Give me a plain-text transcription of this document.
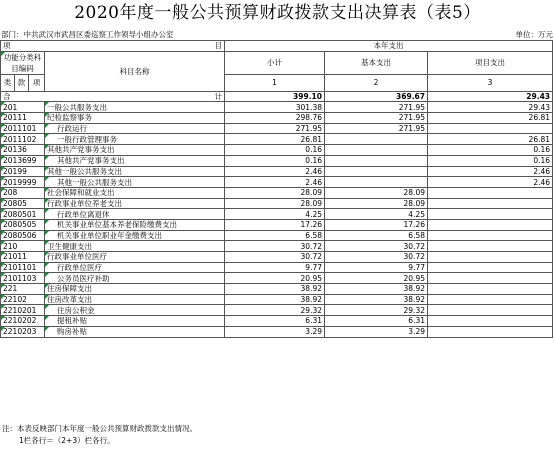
2020年度一般公共预算财政拨款支出决算表（表5）
部门：中共武汉市武昌区委巡察工作领导小组办公室	单位：万元
项 目				本年支出		
功能分类科目编码			科目名称	小计	基本支出	项目支出
类	款	项				
				1	2	3

合 计				399.10	369.67	29.43
201			一般公共服务支出	301.38	271.95	29.43
20111			纪检监察事务	298.76	271.95	26.81
2011101			行政运行	271.95	271.95	
2011102			一般行政管理事务	26.81		26.81
20136			其他共产党事务支出	0.16		0.16
2013699			其他共产党事务支出	0.16		0.16
20199			其他一般公共服务支出	2.46		2.46
2019999			其他一般公共服务支出	2.46		2.46
208			社会保障和就业支出	28.09	28.09	
20805			行政事业单位养老支出	28.09	28.09	
2080501			行政单位离退休	4.25	4.25	
2080505			机关事业单位基本养老保险缴费支出	17.26	17.26	
2080506			机关事业单位职业年金缴费支出	6.58	6.58	
210			卫生健康支出	30.72	30.72	
21011			行政事业单位医疗	30.72	30.72	
2101101			行政单位医疗	9.77	9.77	
2101103			公务员医疗补助	20.95	20.95	
221			住房保障支出	38.92	38.92	
22102			住房改革支出	38.92	38.92	
2210201			住房公积金	29.32	29.32	
2210202			提租补贴	6.31	6.31	
2210203			购房补贴	3.29	3.29	
注：本表反映部门本年度一般公共预算财政拨款支出情况。
1栏各行＝（2+3）栏各行。
